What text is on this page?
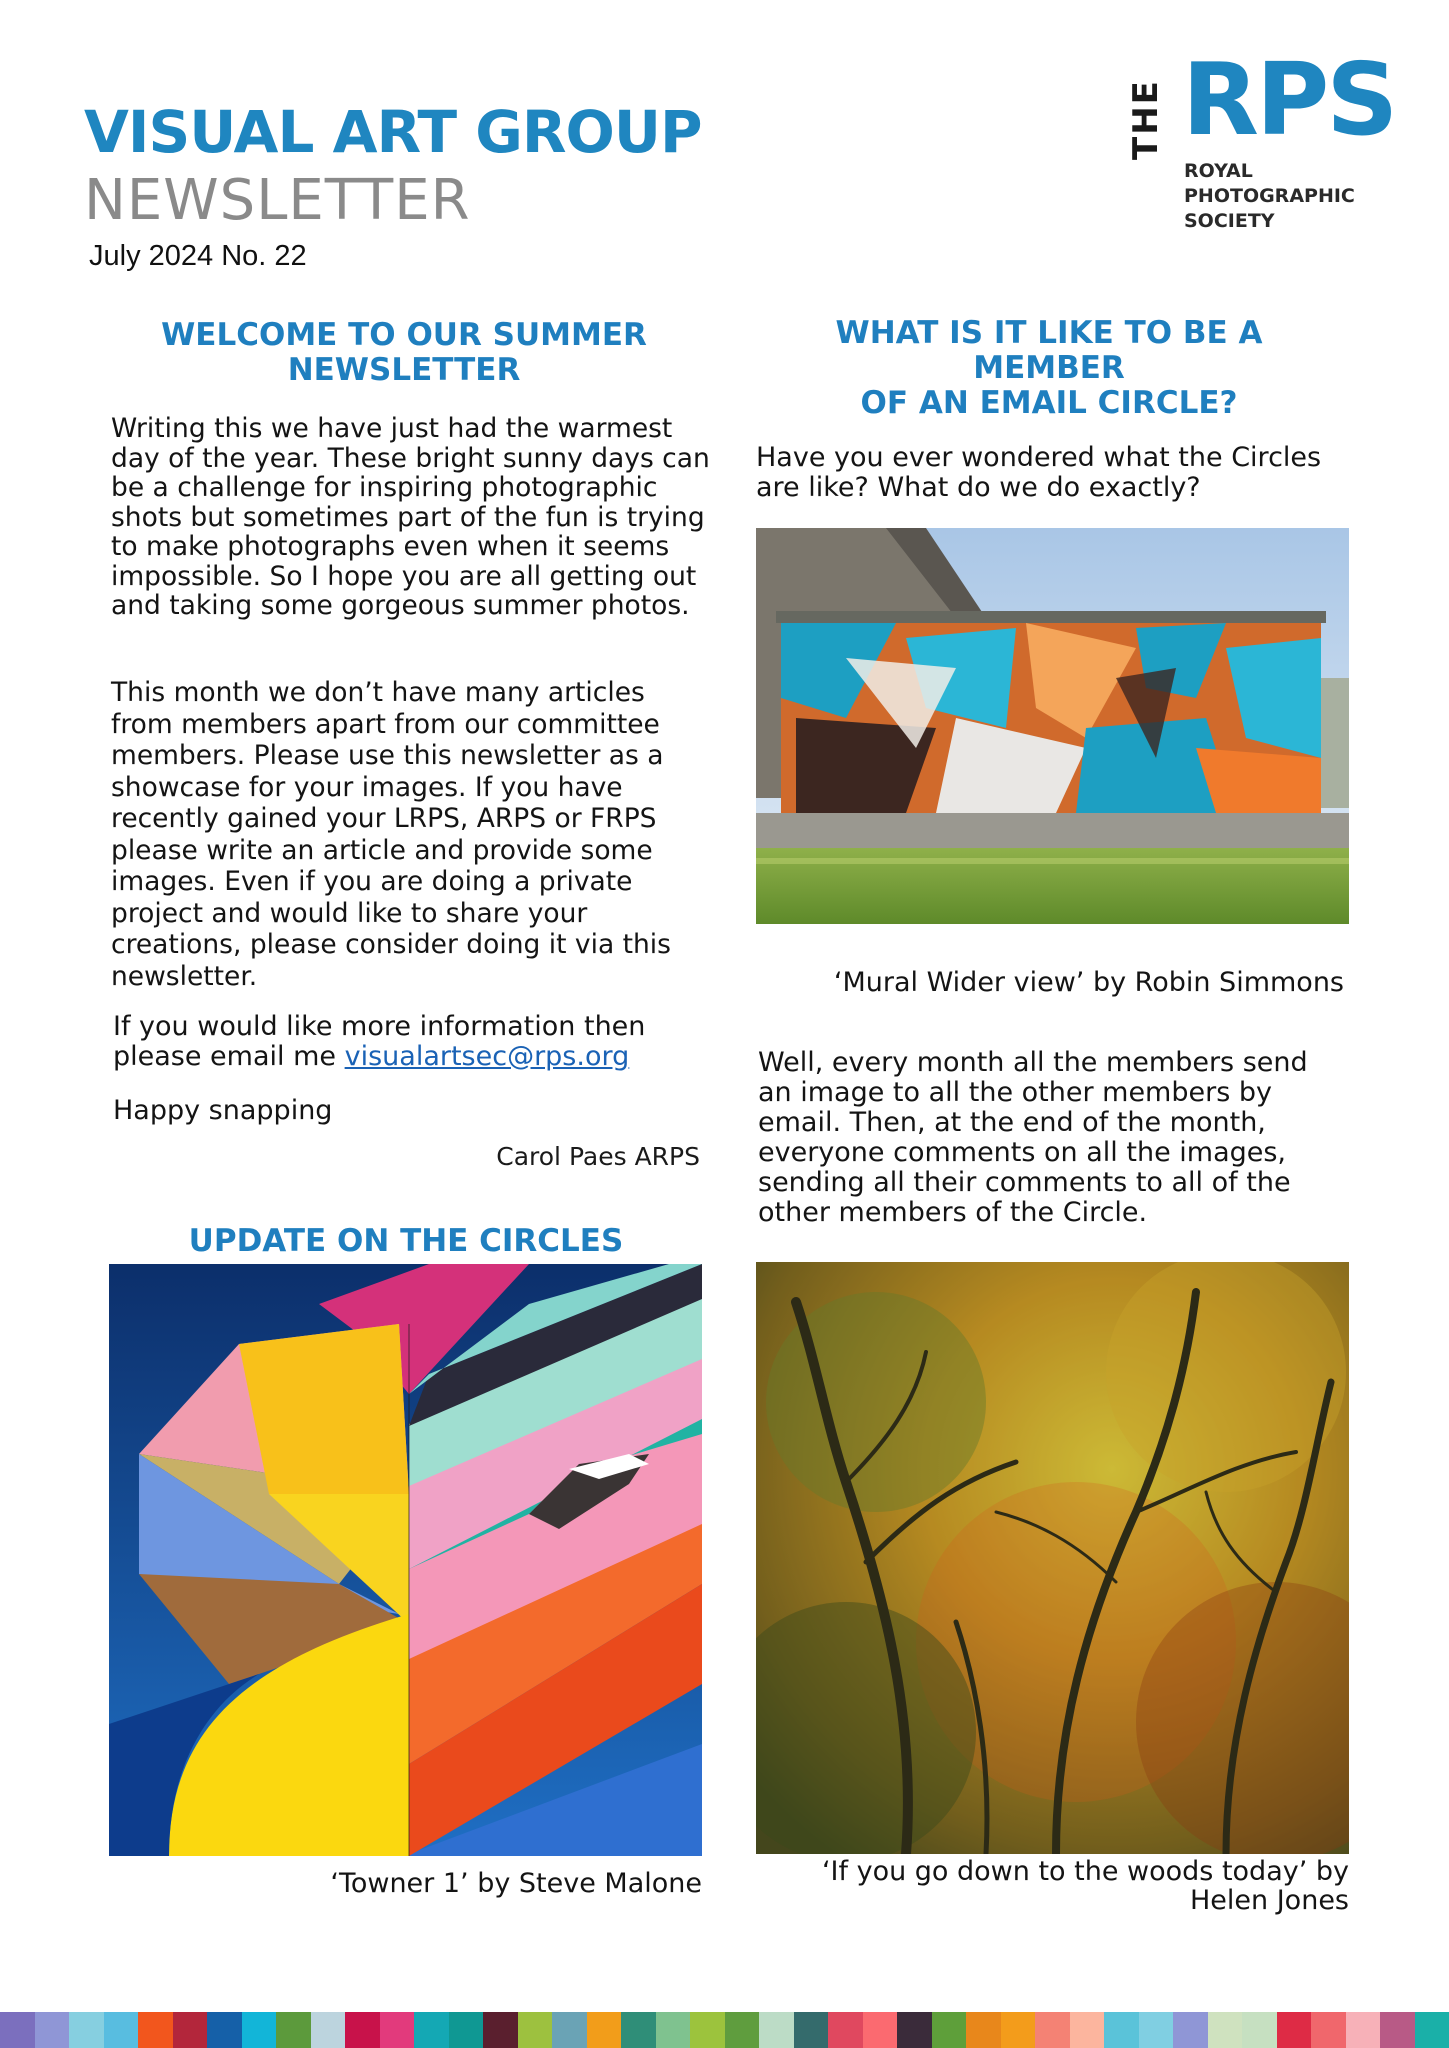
VISUAL ART GROUP
NEWSLETTER
July 2024 No. 22
THE RPS
ROYAL
PHOTOGRAPHIC
SOCIETY

WELCOME TO OUR SUMMER

NEWSLETTER

Writing this we have just had the warmest day of the year. These bright sunny days can be a challenge for inspiring photographic shots but sometimes part of the fun is trying to make photographs even when it seems impossible. So I hope you are all getting out and taking some gorgeous summer photos.

This month we don’t have many articles from members apart from our committee members. Please use this newsletter as a showcase for your images. If you have recently gained your LRPS, ARPS or FRPS please write an article and provide some images. Even if you are doing a private project and would like to share your creations, please consider doing it via this newsletter.

If you would like more information then please email me visualartsec@rps.org

Happy snapping

Carol Paes ARPS

UPDATE ON THE CIRCLES

‘Towner 1’ by Steve Malone

WHAT IS IT LIKE TO BE A MEMBER

OF AN EMAIL CIRCLE?

Have you ever wondered what the Circles are like? What do we do exactly?

‘Mural Wider view’ by Robin Simmons

Well, every month all the members send an image to all the other members by email. Then, at the end of the month, everyone comments on all the images, sending all their comments to all of the other members of the Circle.

‘If you go down to the woods today’ by
Helen Jones
